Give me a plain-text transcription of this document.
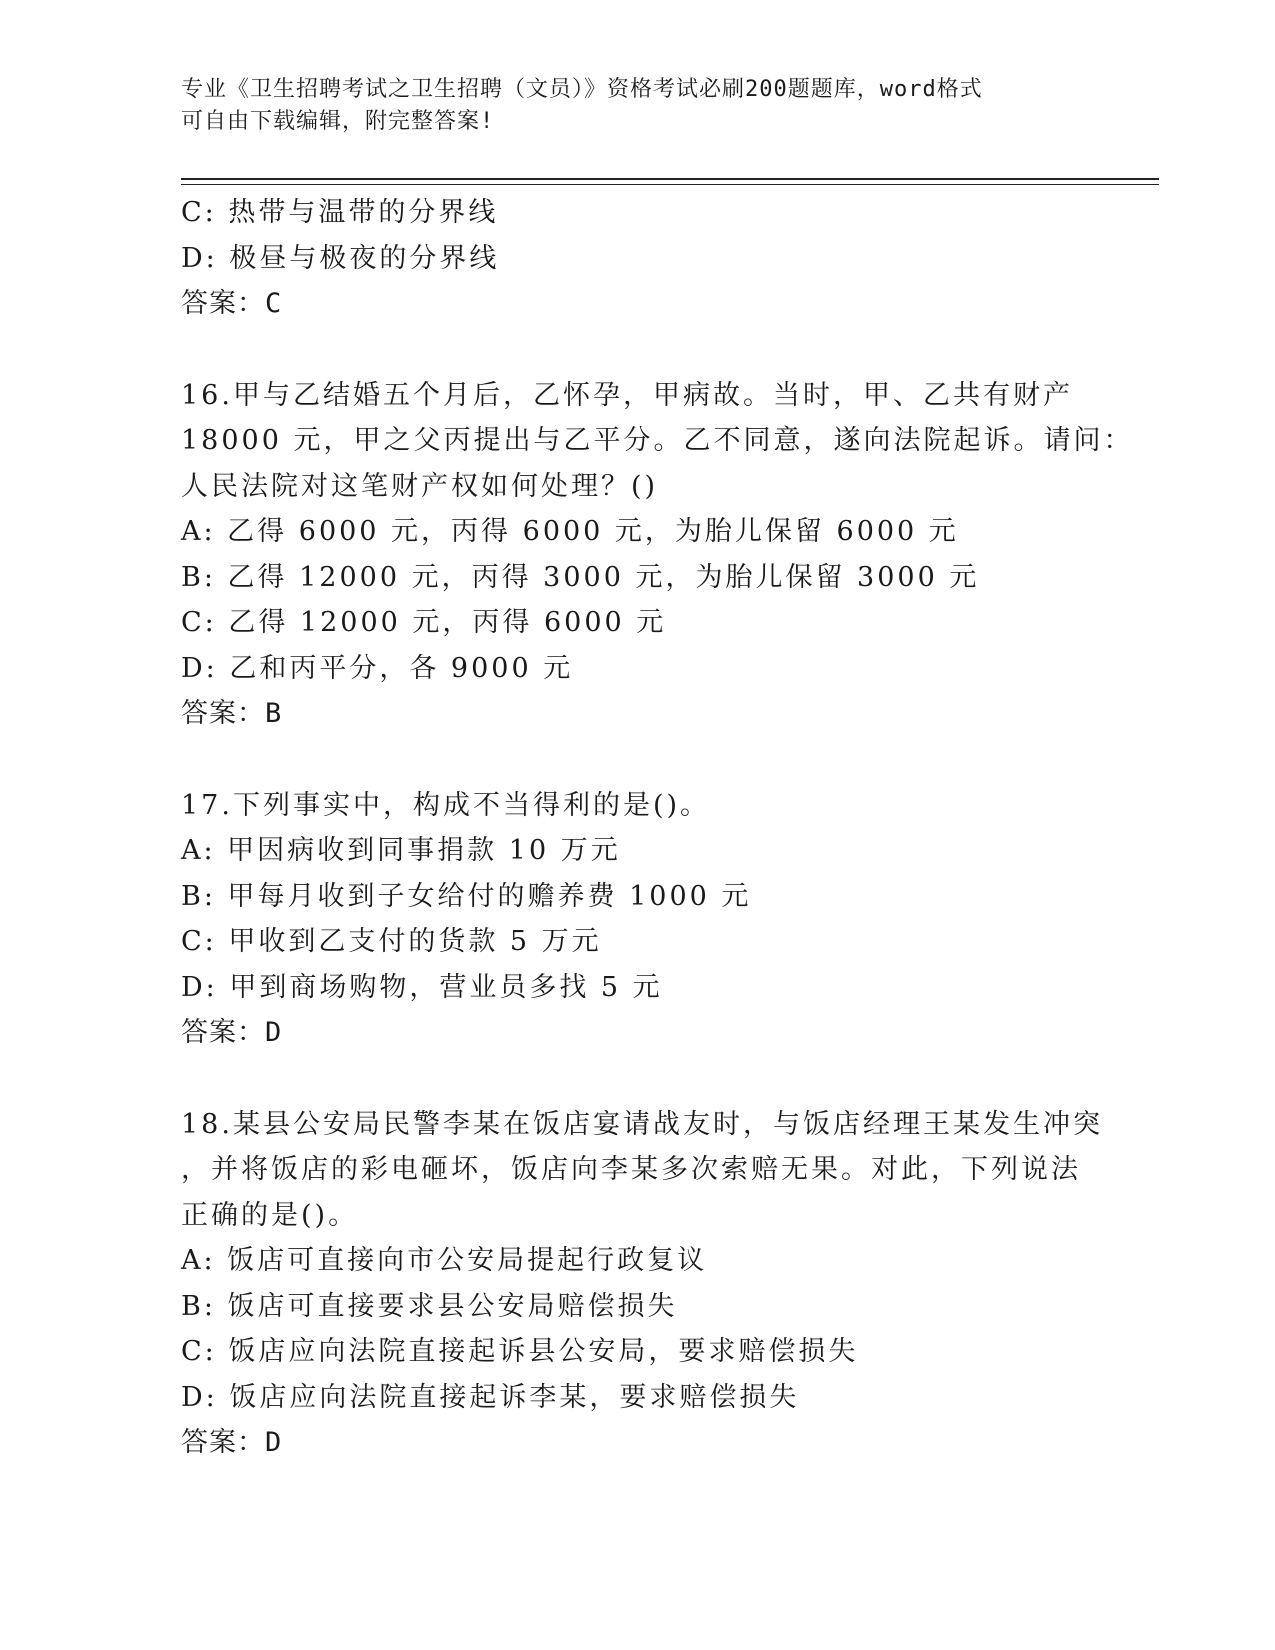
专业《卫生招聘考试之卫生招聘（文员）》资格考试必刷200题题库，word格式
可自由下载编辑，附完整答案!
C: 热带与温带的分界线
D: 极昼与极夜的分界线
答案：C
16.甲与乙结婚五个月后，乙怀孕，甲病故。当时，甲、乙共有财产
18000 元，甲之父丙提出与乙平分。乙不同意，遂向法院起诉。请问：
人民法院对这笔财产权如何处理？()
A: 乙得 6000 元，丙得 6000 元，为胎儿保留 6000 元
B: 乙得 12000 元，丙得 3000 元，为胎儿保留 3000 元
C: 乙得 12000 元，丙得 6000 元
D: 乙和丙平分，各 9000 元
答案：B
17.下列事实中，构成不当得利的是()。
A: 甲因病收到同事捐款 10 万元
B: 甲每月收到子女给付的赡养费 1000 元
C: 甲收到乙支付的货款 5 万元
D: 甲到商场购物，营业员多找 5 元
答案：D
18.某县公安局民警李某在饭店宴请战友时，与饭店经理王某发生冲突
，并将饭店的彩电砸坏，饭店向李某多次索赔无果。对此，下列说法
正确的是()。
A: 饭店可直接向市公安局提起行政复议
B: 饭店可直接要求县公安局赔偿损失
C: 饭店应向法院直接起诉县公安局，要求赔偿损失
D: 饭店应向法院直接起诉李某，要求赔偿损失
答案：D
